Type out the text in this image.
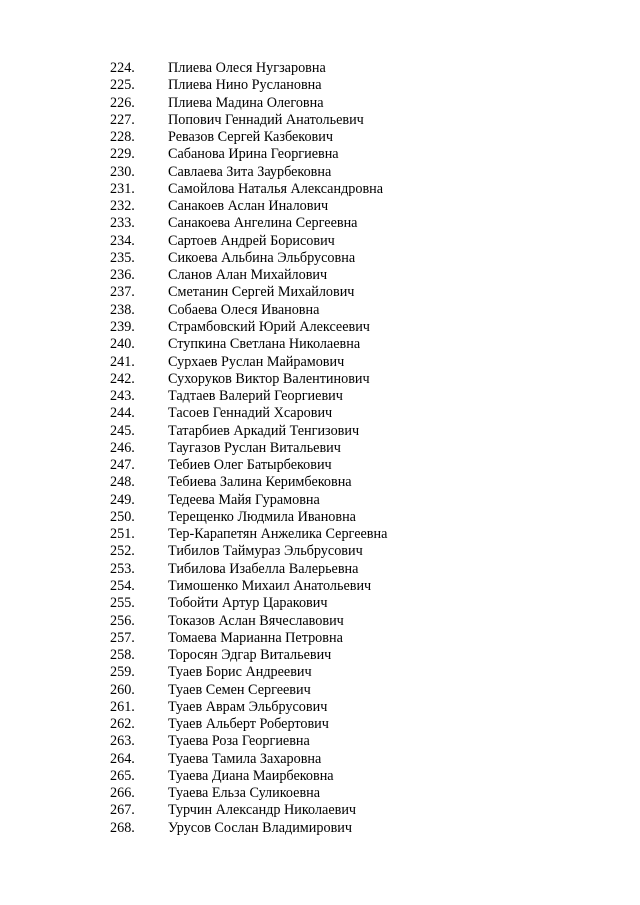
224. Плиева Олеся Нугзаровна
225. Плиева Нино Руслановна
226. Плиева Мадина Олеговна
227. Попович Геннадий Анатольевич
228. Ревазов Сергей Казбекович
229. Сабанова Ирина Георгиевна
230. Савлаева Зита Заурбековна
231. Самойлова Наталья Александровна
232. Санакоев Аслан Иналович
233. Санакоева Ангелина Сергеевна
234. Сартоев Андрей Борисович
235. Сикоева Альбина Эльбрусовна
236. Сланов Алан Михайлович
237. Сметанин Сергей Михайлович
238. Собаева Олеся Ивановна
239. Страмбовский Юрий Алексеевич
240. Ступкина Светлана Николаевна
241. Сурхаев Руслан Майрамович
242. Сухоруков Виктор Валентинович
243. Тадтаев Валерий Георгиевич
244. Тасоев Геннадий Хсарович
245. Татарбиев Аркадий Тенгизович
246. Таугазов Руслан Витальевич
247. Тебиев Олег Батырбекович
248. Тебиева Залина Керимбековна
249. Тедеева Майя Гурамовна
250. Терещенко Людмила Ивановна
251. Тер-Карапетян Анжелика Сергеевна
252. Тибилов Таймураз Эльбрусович
253. Тибилова Изабелла Валерьевна
254. Тимошенко Михаил Анатольевич
255. Тобойти Артур Царакович
256. Токазов Аслан Вячеславович
257. Томаева Марианна Петровна
258. Торосян Эдгар Витальевич
259. Туаев Борис Андреевич
260. Туаев Семен Сергеевич
261. Туаев Аврам Эльбрусович
262. Туаев Альберт Робертович
263. Туаева Роза Георгиевна
264. Туаева Тамила Захаровна
265. Туаева Диана Маирбековна
266. Туаева Ельза Суликоевна
267. Турчин Александр Николаевич
268. Урусов Сослан Владимирович
